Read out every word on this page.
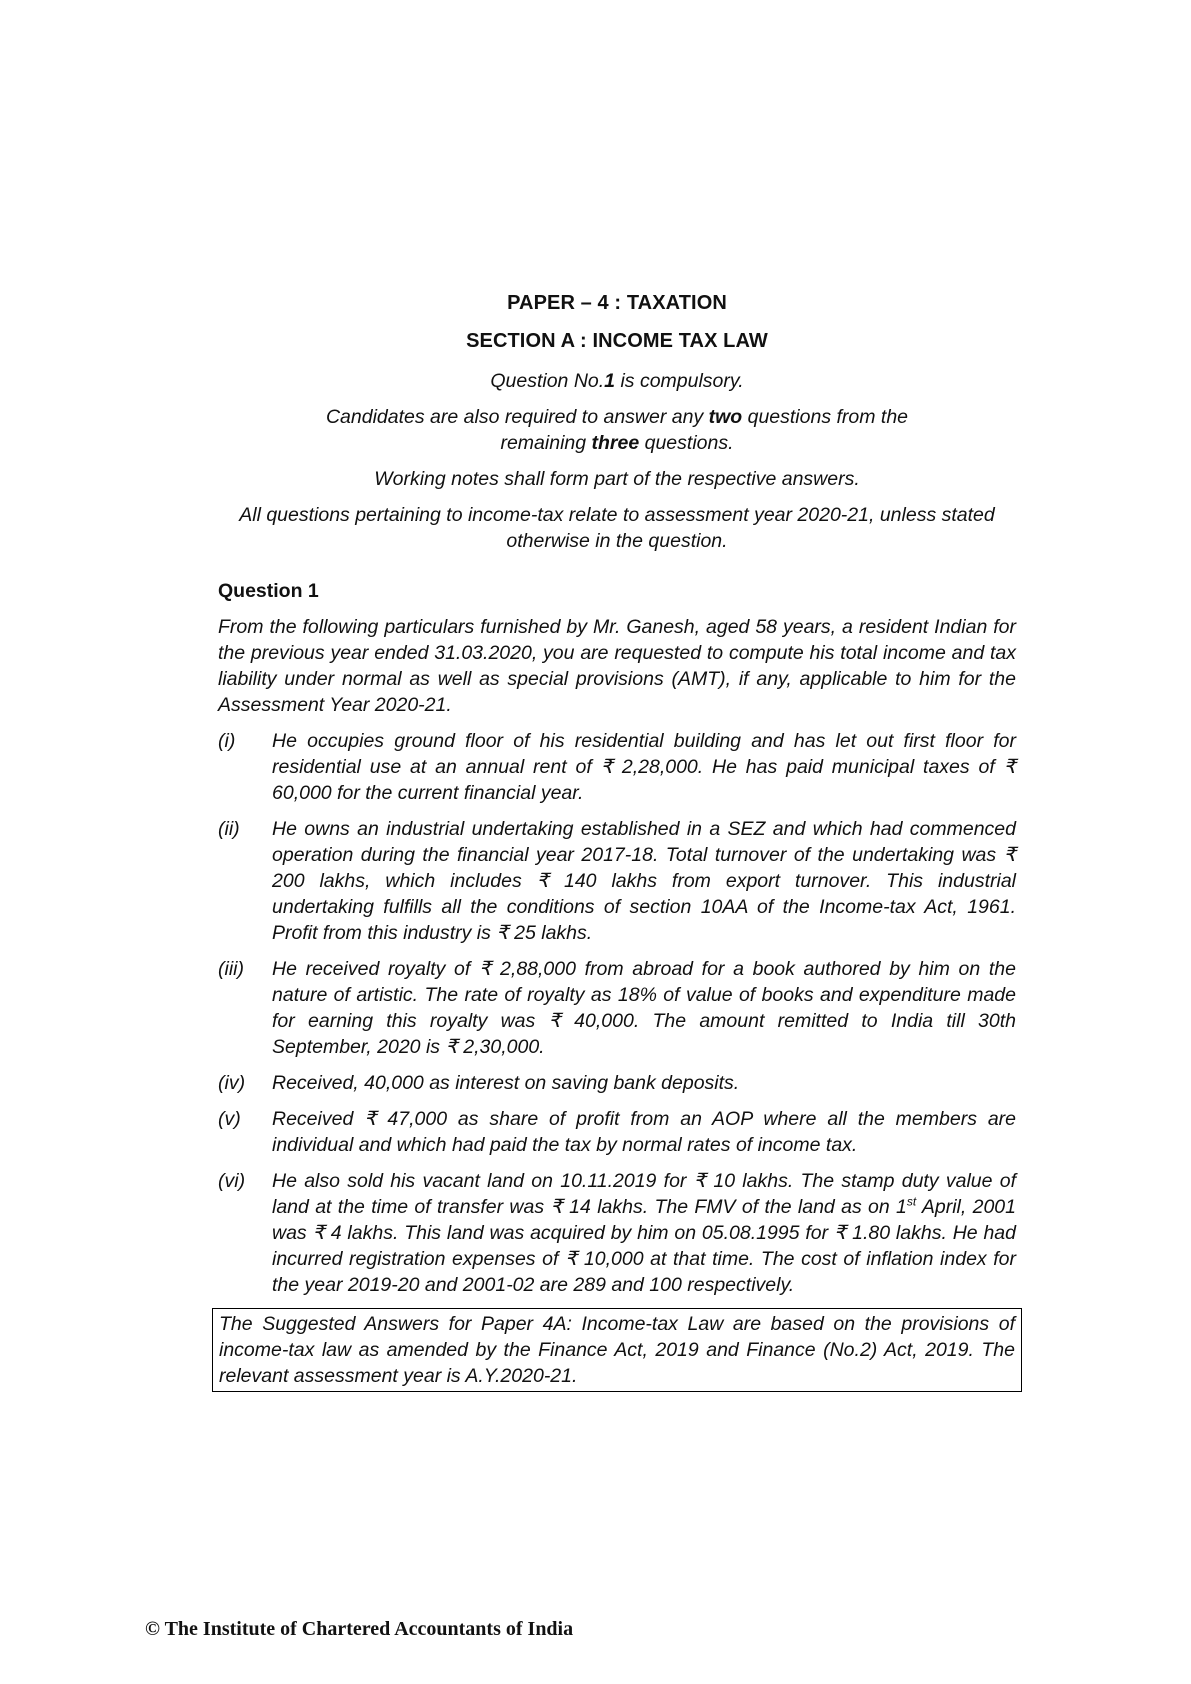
PAPER – 4 : TAXATION
SECTION A : INCOME TAX LAW
Question No.1 is compulsory.
Candidates are also required to answer any two questions from the
remaining three questions.
Working notes shall form part of the respective answers.
All questions pertaining to income-tax relate to assessment year 2020-21, unless stated
otherwise in the question.
Question 1
From the following particulars furnished by Mr. Ganesh, aged 58 years, a resident Indian for the previous year ended 31.03.2020, you are requested to compute his total income and tax liability under normal as well as special provisions (AMT), if any, applicable to him for the Assessment Year 2020-21.
(i)	He occupies ground floor of his residential building and has let out first floor for residential use at an annual rent of ₹ 2,28,000. He has paid municipal taxes of ₹ 60,000 for the current financial year.
(ii)	He owns an industrial undertaking established in a SEZ and which had commenced operation during the financial year 2017-18. Total turnover of the undertaking was ₹ 200 lakhs, which includes ₹ 140 lakhs from export turnover. This industrial undertaking fulfills all the conditions of section 10AA of the Income-tax Act, 1961. Profit from this industry is ₹ 25 lakhs.
(iii)	He received royalty of ₹ 2,88,000 from abroad for a book authored by him on the nature of artistic. The rate of royalty as 18% of value of books and expenditure made for earning this royalty was ₹ 40,000. The amount remitted to India till 30th September, 2020 is ₹ 2,30,000.
(iv)	Received, 40,000 as interest on saving bank deposits.
(v)	Received ₹ 47,000 as share of profit from an AOP where all the members are individual and which had paid the tax by normal rates of income tax.
(vi)	He also sold his vacant land on 10.11.2019 for ₹ 10 lakhs. The stamp duty value of land at the time of transfer was ₹ 14 lakhs. The FMV of the land as on 1st April, 2001 was ₹ 4 lakhs. This land was acquired by him on 05.08.1995 for ₹ 1.80 lakhs. He had incurred registration expenses of ₹ 10,000 at that time. The cost of inflation index for the year 2019-20 and 2001-02 are 289 and 100 respectively.
The Suggested Answers for Paper 4A: Income-tax Law are based on the provisions of income-tax law as amended by the Finance Act, 2019 and Finance (No.2) Act, 2019. The relevant assessment year is A.Y.2020-21.
© The Institute of Chartered Accountants of India
